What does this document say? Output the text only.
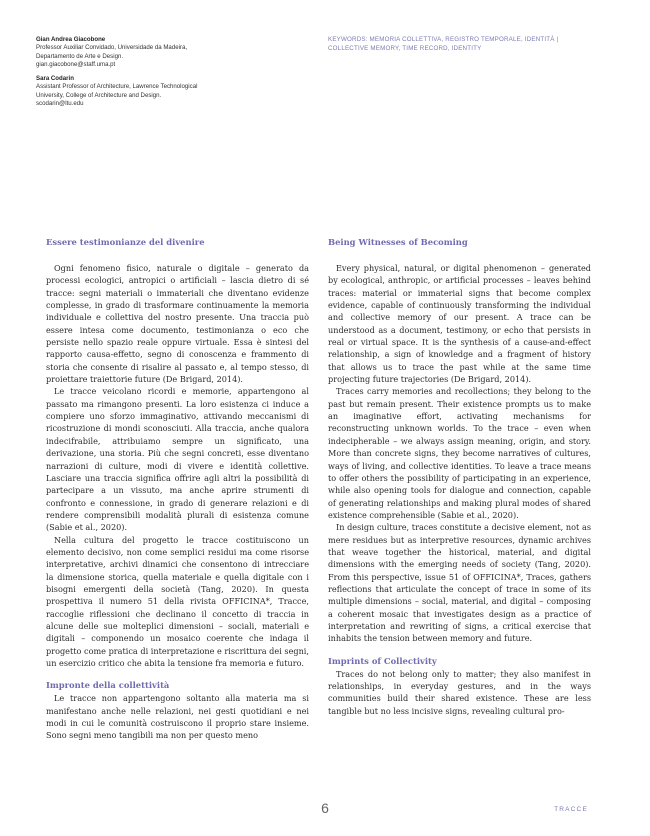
Gian Andrea Giacobone
Professor Auxiliar Convidado, Universidade da Madeira,
Departamento de Arte e Design.
gian.giacobone@staff.uma.pt
Sara Codarin
Assistant Professor of Architecture, Lawrence Technological
University, College of Architecture and Design.
scodarin@ltu.edu
KEYWORDS: MEMORIA COLLETTIVA, REGISTRO TEMPORALE, IDENTITÀ |
COLLECTIVE MEMORY, TIME RECORD, IDENTITY
Essere testimonianze del divenire

Ogni fenomeno fisico, naturale o digitale – generato da processi ecologici, antropici o artificiali – lascia dietro di sé tracce: segni materiali o immateriali che diventano evidenze complesse, in grado di trasformare continuamente la memoria individuale e collettiva del nostro presente. Una traccia può essere intesa come documento, testimonianza o eco che persiste nello spazio reale oppure virtuale. Essa è sintesi del rapporto causa-effetto, segno di conoscenza e frammento di storia che consente di risalire al passato e, al tempo stesso, di proiettare traiettorie future (De Brigard, 2014).

Le tracce veicolano ricordi e memorie, appartengono al passato ma rimangono presenti. La loro esistenza ci induce a compiere uno sforzo immaginativo, attivando meccanismi di ricostruzione di mondi sconosciuti. Alla traccia, anche qualora indecifrabile, attribuiamo sempre un significato, una derivazione, una storia. Più che segni concreti, esse diventano narrazioni di culture, modi di vivere e identità collettive. Lasciare una traccia significa offrire agli altri la possibilità di partecipare a un vissuto, ma anche aprire strumenti di confronto e connessione, in grado di generare relazioni e di rendere comprensibili modalità plurali di esistenza comune (Sabie et al., 2020).

Nella cultura del progetto le tracce costituiscono un elemento decisivo, non come semplici residui ma come risorse interpretative, archivi dinamici che consentono di intrecciare la dimensione storica, quella materiale e quella digitale con i bisogni emergenti della società (Tang, 2020). In questa prospettiva il numero 51 della rivista OFFICINA*, Tracce, raccoglie riflessioni che declinano il concetto di traccia in alcune delle sue molteplici dimensioni – sociali, materiali e digitali – componendo un mosaico coerente che indaga il progetto come pratica di interpretazione e riscrittura dei segni, un esercizio critico che abita la tensione fra memoria e futuro.

Impronte della collettività

Le tracce non appartengono soltanto alla materia ma si manifestano anche nelle relazioni, nei gesti quotidiani e nei modi in cui le comunità costruiscono il proprio stare insieme. Sono segni meno tangibili ma non per questo meno

Being Witnesses of Becoming

Every physical, natural, or digital phenomenon – generated by ecological, anthropic, or artificial processes – leaves behind traces: material or immaterial signs that become complex evidence, capable of continuously transforming the individual and collective memory of our present. A trace can be understood as a document, testimony, or echo that persists in real or virtual space. It is the synthesis of a cause-and-effect relationship, a sign of knowledge and a fragment of history that allows us to trace the past while at the same time projecting future trajectories (De Brigard, 2014).

Traces carry memories and recollections; they belong to the past but remain present. Their existence prompts us to make an imaginative effort, activating mechanisms for reconstructing unknown worlds. To the trace – even when indecipherable – we always assign meaning, origin, and story. More than concrete signs, they become narratives of cultures, ways of living, and collective identities. To leave a trace means to offer others the possibility of participating in an experience, while also opening tools for dialogue and connection, capable of generating relationships and making plural modes of shared existence comprehensible (Sabie et al., 2020).

In design culture, traces constitute a decisive element, not as mere residues but as interpretive resources, dynamic archives that weave together the historical, material, and digital dimensions with the emerging needs of society (Tang, 2020). From this perspective, issue 51 of OFFICINA*, Traces, gathers reflections that articulate the concept of trace in some of its multiple dimensions – social, material, and digital – composing a coherent mosaic that investigates design as a practice of interpretation and rewriting of signs, a critical exercise that inhabits the tension between memory and future.

Imprints of Collectivity

Traces do not belong only to matter; they also manifest in relationships, in everyday gestures, and in the ways communities build their shared existence. These are less tangible but no less incisive signs, revealing cultural pro-

6	TRACCE
